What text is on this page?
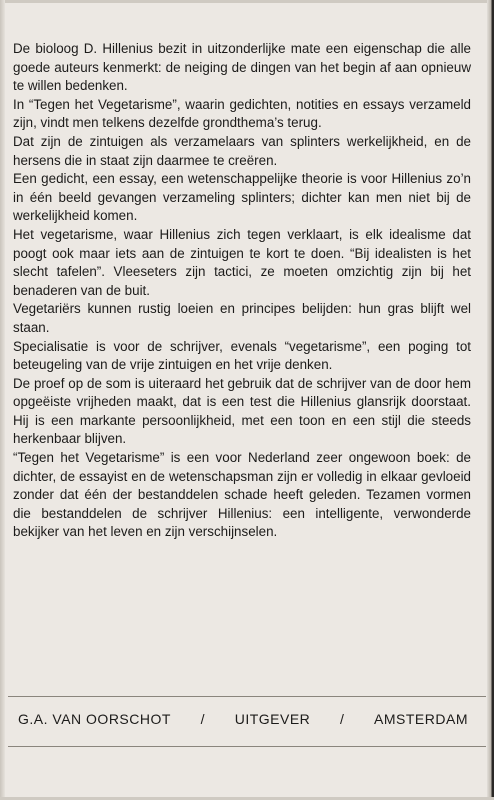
De bioloog D. Hillenius bezit in uitzonderlijke mate een eigenschap die alle goede auteurs kenmerkt: de neiging de dingen van het begin af aan opnieuw te willen bedenken.

In “Tegen het Vegetarisme”, waarin gedichten, notities en essays verzameld zijn, vindt men telkens dezelfde grondthema’s terug.

Dat zijn de zintuigen als verzamelaars van splinters werkelijkheid, en de hersens die in staat zijn daarmee te creëren.

Een gedicht, een essay, een wetenschappelijke theorie is voor Hillenius zo’n in één beeld gevangen verzameling splinters; dichter kan men niet bij de werkelijkheid komen.

Het vegetarisme, waar Hillenius zich tegen verklaart, is elk idealisme dat poogt ook maar iets aan de zintuigen te kort te doen. “Bij idealisten is het slecht tafelen”. Vleeseters zijn tactici, ze moeten omzichtig zijn bij het benaderen van de buit.

Vegetariërs kunnen rustig loeien en principes belijden: hun gras blijft wel staan.

Specialisatie is voor de schrijver, evenals “vegetarisme”, een poging tot beteugeling van de vrije zintuigen en het vrije denken.

De proef op de som is uiteraard het gebruik dat de schrijver van de door hem opgeëiste vrijheden maakt, dat is een test die Hillenius glansrijk doorstaat. Hij is een markante persoonlijkheid, met een toon en een stijl die steeds herkenbaar blijven.

“Tegen het Vegetarisme” is een voor Nederland zeer ongewoon boek: de dichter, de essayist en de wetenschapsman zijn er volledig in elkaar gevloeid zonder dat één der bestanddelen schade heeft geleden. Tezamen vormen die bestanddelen de schrijver Hillenius: een intelligente, verwonderde bekijker van het leven en zijn verschijnselen.

G.A. VAN OORSCHOT / UITGEVER / AMSTERDAM
